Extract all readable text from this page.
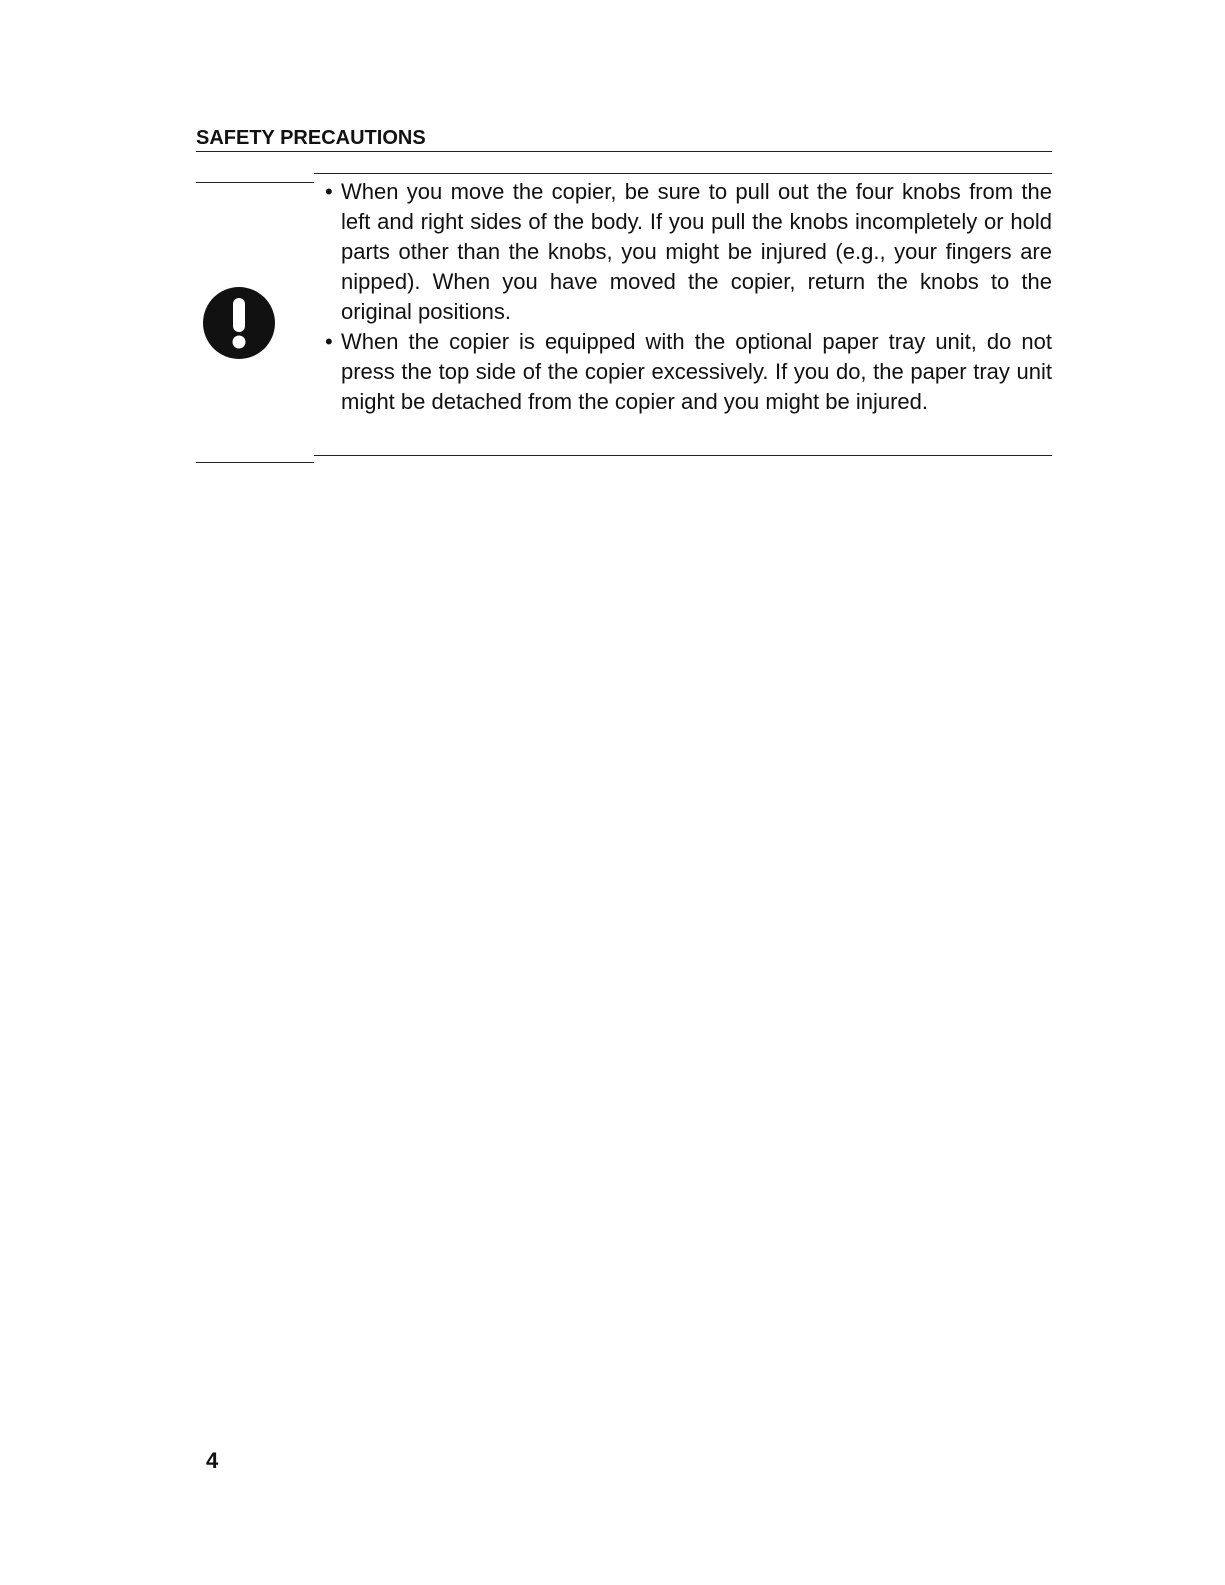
SAFETY PRECAUTIONS
• When you move the copier, be sure to pull out the four knobs from the left and right sides of the body. If you pull the knobs incompletely or hold parts other than the knobs, you might be injured (e.g., your fingers are nipped). When you have moved the copier, return the knobs to the original positions.
• When the copier is equipped with the optional paper tray unit, do not press the top side of the copier excessively. If you do, the paper tray unit might be detached from the copier and you might be injured.
4
